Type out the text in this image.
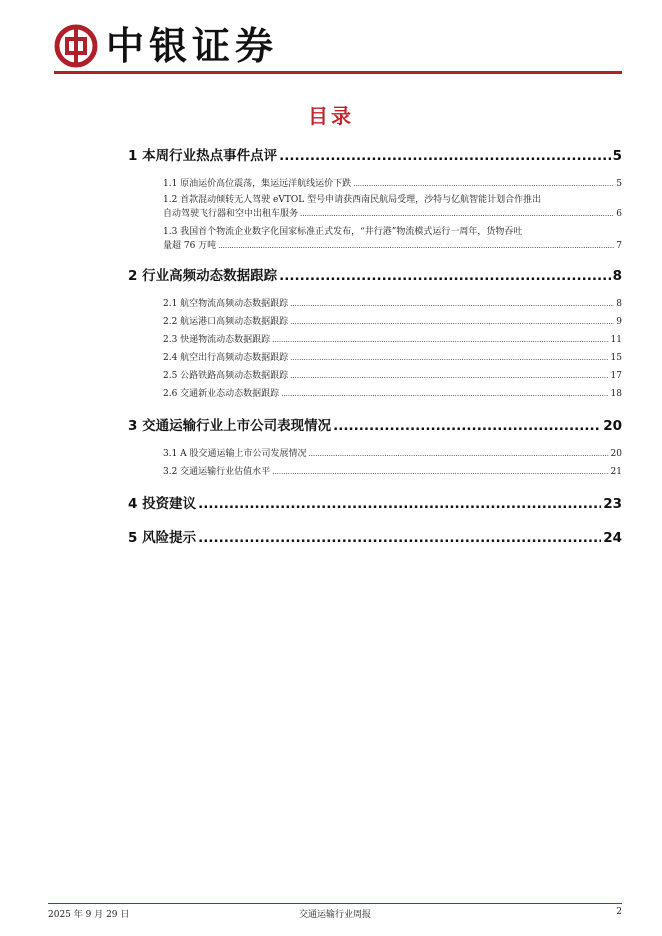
中银证券
目录
1 本周行业热点事件点评 .....	5
1.1 原油运价高位震荡，集运远洋航线运价下跌 .....	5
1.2 首款混动倾转无人驾驶 eVTOL 型号申请获西南民航局受理，沙特与亿航智能计划合作推出
自动驾驶飞行器和空中出租车服务 .....	6
1.3 我国首个物流企业数字化国家标准正式发布，“井行港”物流模式运行一周年，货物吞吐
量超 76 万吨 .....	7
2 行业高频动态数据跟踪 .....	8
2.1 航空物流高频动态数据跟踪 .....	8
2.2 航运港口高频动态数据跟踪 .....	9
2.3 快递物流动态数据跟踪 .....	11
2.4 航空出行高频动态数据跟踪 .....	15
2.5 公路铁路高频动态数据跟踪 .....	17
2.6 交通新业态动态数据跟踪 .....	18
3 交通运输行业上市公司表现情况 .....	20
3.1 A 股交通运输上市公司发展情况 .....	20
3.2 交通运输行业估值水平 .....	21
4 投资建议 .....	23
5 风险提示 .....	24
2025 年 9 月 29 日	交通运输行业周报	2
